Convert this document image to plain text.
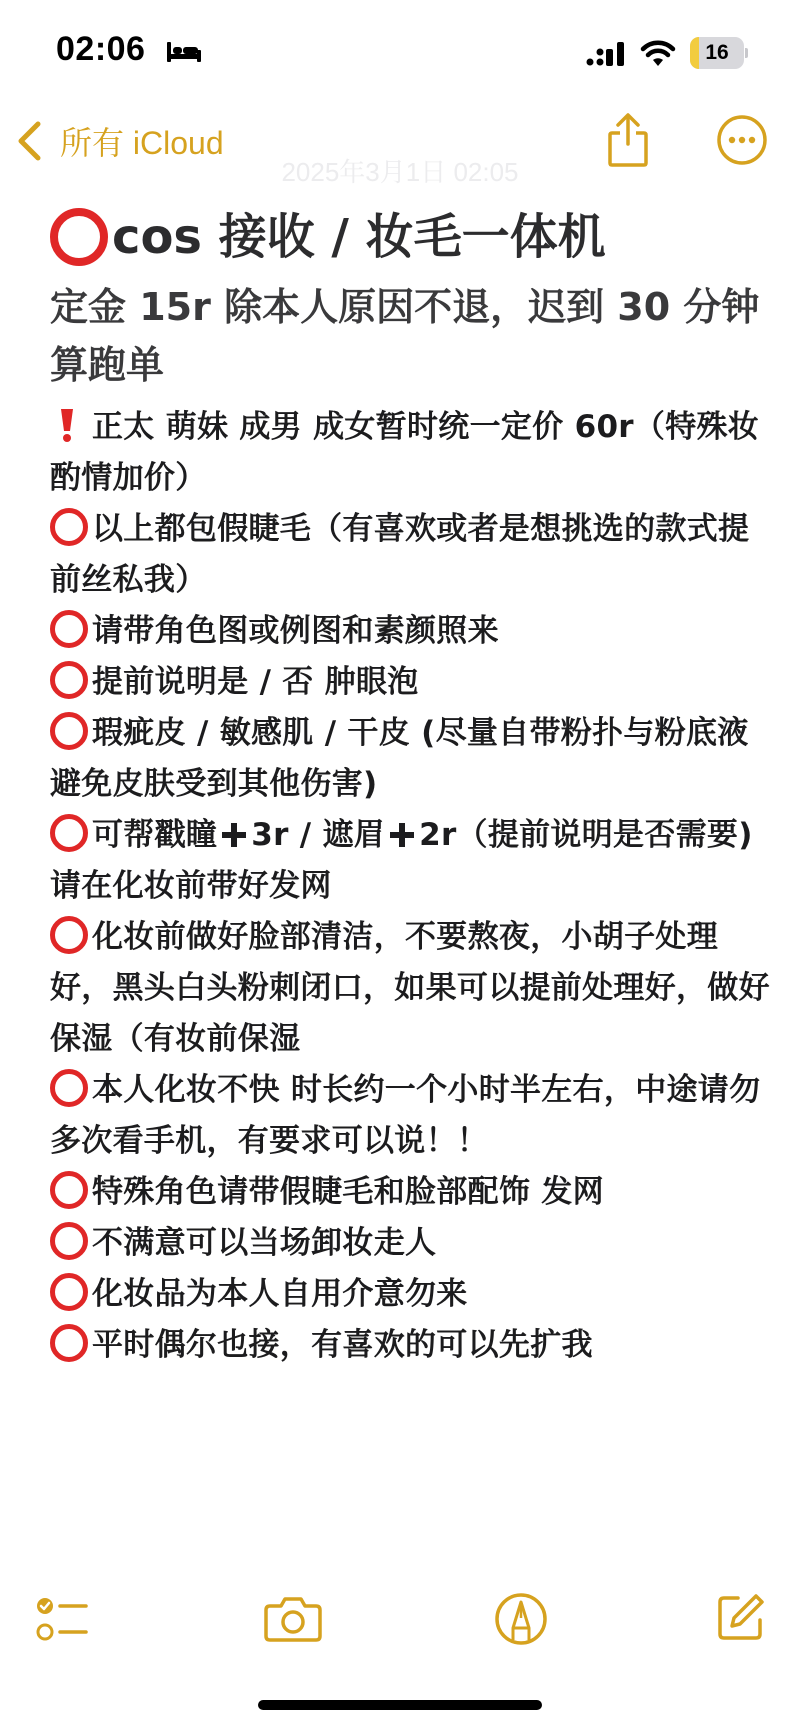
02:06	16
所有 iCloud
2025年3月1日 02:05
cos 接收 / 妆毛一体机
定金 15r 除本人原因不退，迟到 30 分钟算跑单
正太 萌妹 成男 成女暂时统一定价 60r（特殊妆酌情加价）
以上都包假睫毛（有喜欢或者是想挑选的款式提前丝私我）
请带角色图或例图和素颜照来
提前说明是 / 否 肿眼泡
瑕疵皮 / 敏感肌 / 干皮 (尽量自带粉扑与粉底液避免皮肤受到其他伤害)
可帮戳瞳 3r / 遮眉 2r（提前说明是否需要) 请在化妆前带好发网
化妆前做好脸部清洁，不要熬夜，小胡子处理好，黑头白头粉刺闭口，如果可以提前处理好，做好保湿（有妆前保湿
本人化妆不快 时长约一个小时半左右，中途请勿多次看手机，有要求可以说！！
特殊角色请带假睫毛和脸部配饰 发网
不满意可以当场卸妆走人
化妆品为本人自用介意勿来
平时偶尔也接，有喜欢的可以先扩我
